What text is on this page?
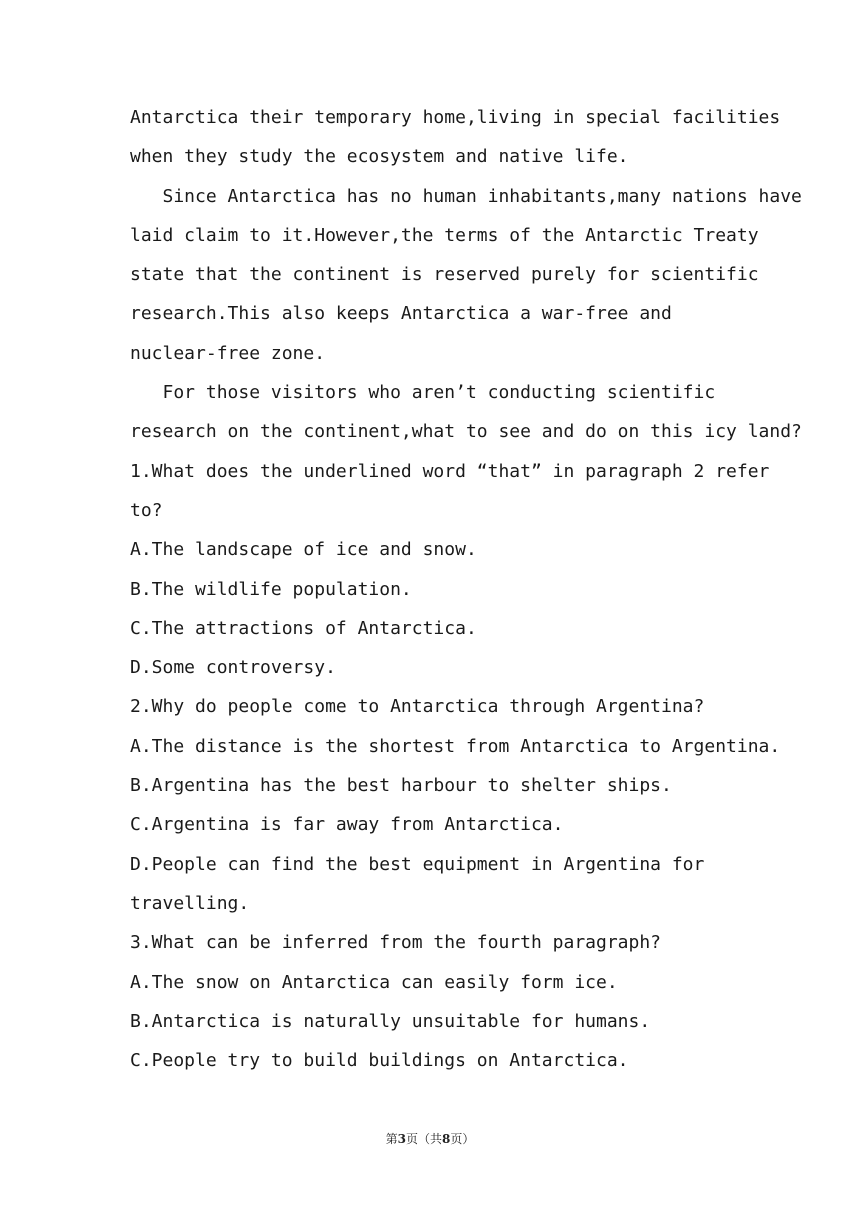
Antarctica their temporary home,living in special facilities
when they study the ecosystem and native life.
Since Antarctica has no human inhabitants,many nations have
laid claim to it.However,the terms of the Antarctic Treaty
state that the continent is reserved purely for scientific
research.This also keeps Antarctica a war-free and
nuclear-free zone.
For those visitors who aren’t conducting scientific
research on the continent,what to see and do on this icy land?
1.What does the underlined word “that” in paragraph 2 refer
to?
A.The landscape of ice and snow.
B.The wildlife population.
C.The attractions of Antarctica.
D.Some controversy.
2.Why do people come to Antarctica through Argentina?
A.The distance is the shortest from Antarctica to Argentina.
B.Argentina has the best harbour to shelter ships.
C.Argentina is far away from Antarctica.
D.People can find the best equipment in Argentina for
travelling.
3.What can be inferred from the fourth paragraph?
A.The snow on Antarctica can easily form ice.
B.Antarctica is naturally unsuitable for humans.
C.People try to build buildings on Antarctica.
第3页（共8页）
